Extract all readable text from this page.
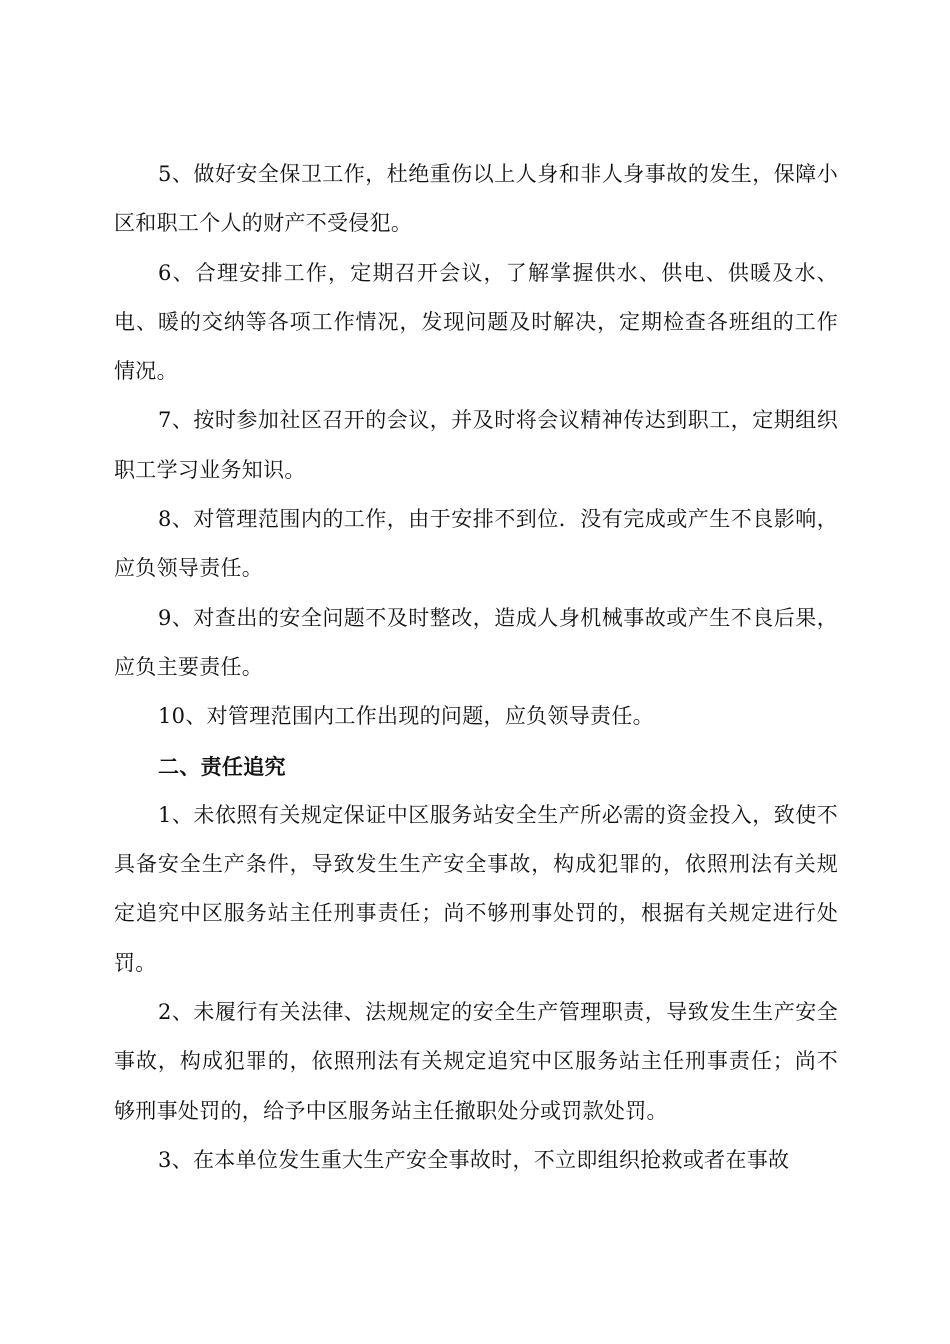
5、做好安全保卫工作，杜绝重伤以上人身和非人身事故的发生，保障小区和职工个人的财产不受侵犯。

6、合理安排工作，定期召开会议，了解掌握供水、供电、供暖及水、电、暖的交纳等各项工作情况，发现问题及时解决，定期检查各班组的工作情况。

7、按时参加社区召开的会议，并及时将会议精神传达到职工，定期组织职工学习业务知识。

8、对管理范围内的工作，由于安排不到位．没有完成或产生不良影响，应负领导责任。

9、对查出的安全问题不及时整改，造成人身机械事故或产生不良后果，应负主要责任。

10、对管理范围内工作出现的问题，应负领导责任。

二、责任追究

1、未依照有关规定保证中区服务站安全生产所必需的资金投入，致使不具备安全生产条件，导致发生生产安全事故，构成犯罪的，依照刑法有关规定追究中区服务站主任刑事责任；尚不够刑事处罚的，根据有关规定进行处罚。

2、未履行有关法律、法规规定的安全生产管理职责，导致发生生产安全事故，构成犯罪的，依照刑法有关规定追究中区服务站主任刑事责任；尚不够刑事处罚的，给予中区服务站主任撤职处分或罚款处罚。

3、在本单位发生重大生产安全事故时，不立即组织抢救或者在事故
